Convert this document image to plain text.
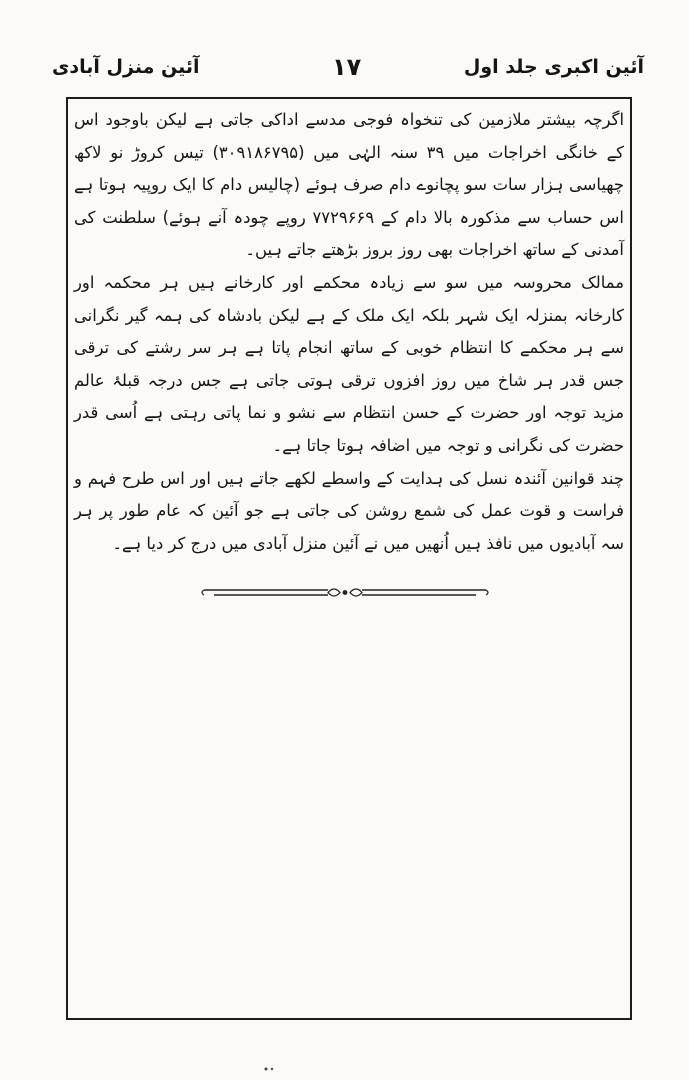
آئین اکبری جلد اول
۱۷
آئین منزل آبادی

اگرچہ بیشتر ملازمین کی تنخواہ فوجی مدسے اداکی جاتی ہے لیکن باوجود اس کے خانگی اخراجات میں ۳۹ سنہ الہٰی میں (۳۰۹۱۸۶۷۹۵) تیس کروڑ نو لاکھ چھیاسی ہزار سات سو پچانوے دام صرف ہوئے (چالیس دام کا ایک روپیہ ہوتا ہے اس حساب سے مذکورہ بالا دام کے ۷۷۲۹۶۶۹ روپے چودہ آنے ہوئے) سلطنت کی آمدنی کے ساتھ اخراجات بھی روز بروز بڑھتے جاتے ہیں۔

ممالک محروسہ میں سو سے زیادہ محکمے اور کارخانے ہیں ہر محکمہ اور کارخانہ بمنزلہ ایک شہر بلکہ ایک ملک کے ہے لیکن بادشاہ کی ہمہ گیر نگرانی سے ہر محکمے کا انتظام خوبی کے ساتھ انجام پاتا ہے ہر سر رشتے کی ترقی جس قدر ہر شاخ میں روز افزوں ترقی ہوتی جاتی ہے جس درجہ قبلۂ عالم مزید توجہ اور حضرت کے حسن انتظام سے نشو و نما پاتی رہتی ہے اُسی قدر حضرت کی نگرانی و توجہ میں اضافہ ہوتا جاتا ہے۔

چند قوانین آئندہ نسل کی ہدایت کے واسطے لکھے جاتے ہیں اور اس طرح فہم و فراست و قوت عمل کی شمع روشن کی جاتی ہے جو آئین کہ عام طور پر ہر سہ آبادیوں میں نافذ ہیں اُنھیں میں نے آئین منزل آبادی میں درج کر دیا ہے۔
